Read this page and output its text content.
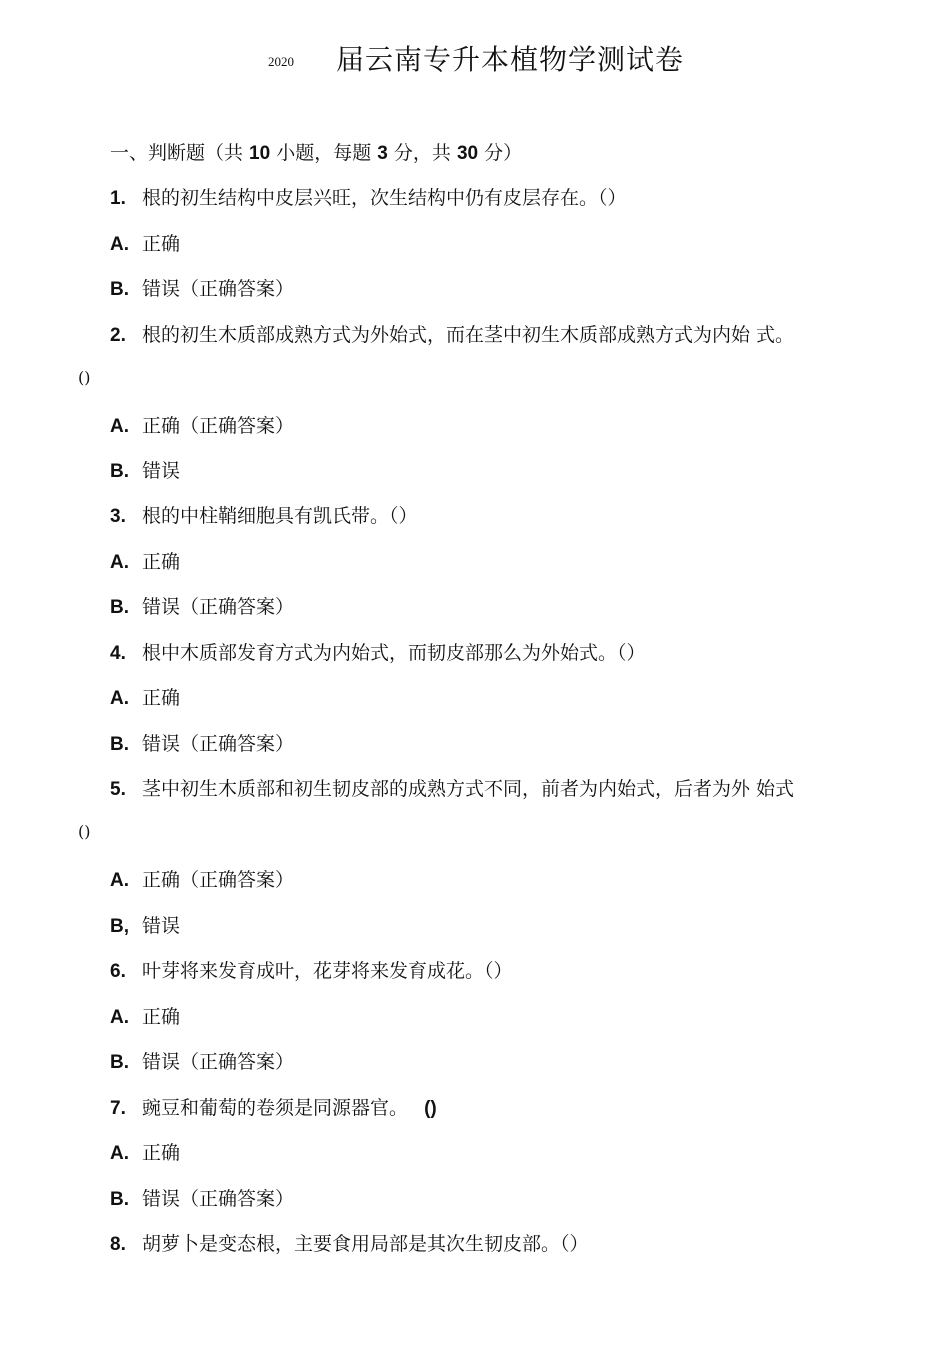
2020 届云南专升本植物学测试卷
一、判断题（共 10 小题，每题 3 分，共 30 分）
1. 根的初生结构中皮层兴旺，次生结构中仍有皮层存在。（）
A. 正确
B. 错误（正确答案）
2. 根的初生木质部成熟方式为外始式，而在茎中初生木质部成熟方式为内始 式。
()
A. 正确（正确答案）
B. 错误
3. 根的中柱鞘细胞具有凯氏带。（）
A. 正确
B. 错误（正确答案）
4. 根中木质部发育方式为内始式，而韧皮部那么为外始式。（）
A. 正确
B. 错误（正确答案）
5. 茎中初生木质部和初生韧皮部的成熟方式不同，前者为内始式，后者为外 始式
()
A. 正确（正确答案）
B, 错误
6. 叶芽将来发育成叶，花芽将来发育成花。（）
A. 正确
B. 错误（正确答案）
7. 豌豆和葡萄的卷须是同源器官。 ()
A. 正确
B. 错误（正确答案）
8. 胡萝卜是变态根，主要食用局部是其次生韧皮部。（）
